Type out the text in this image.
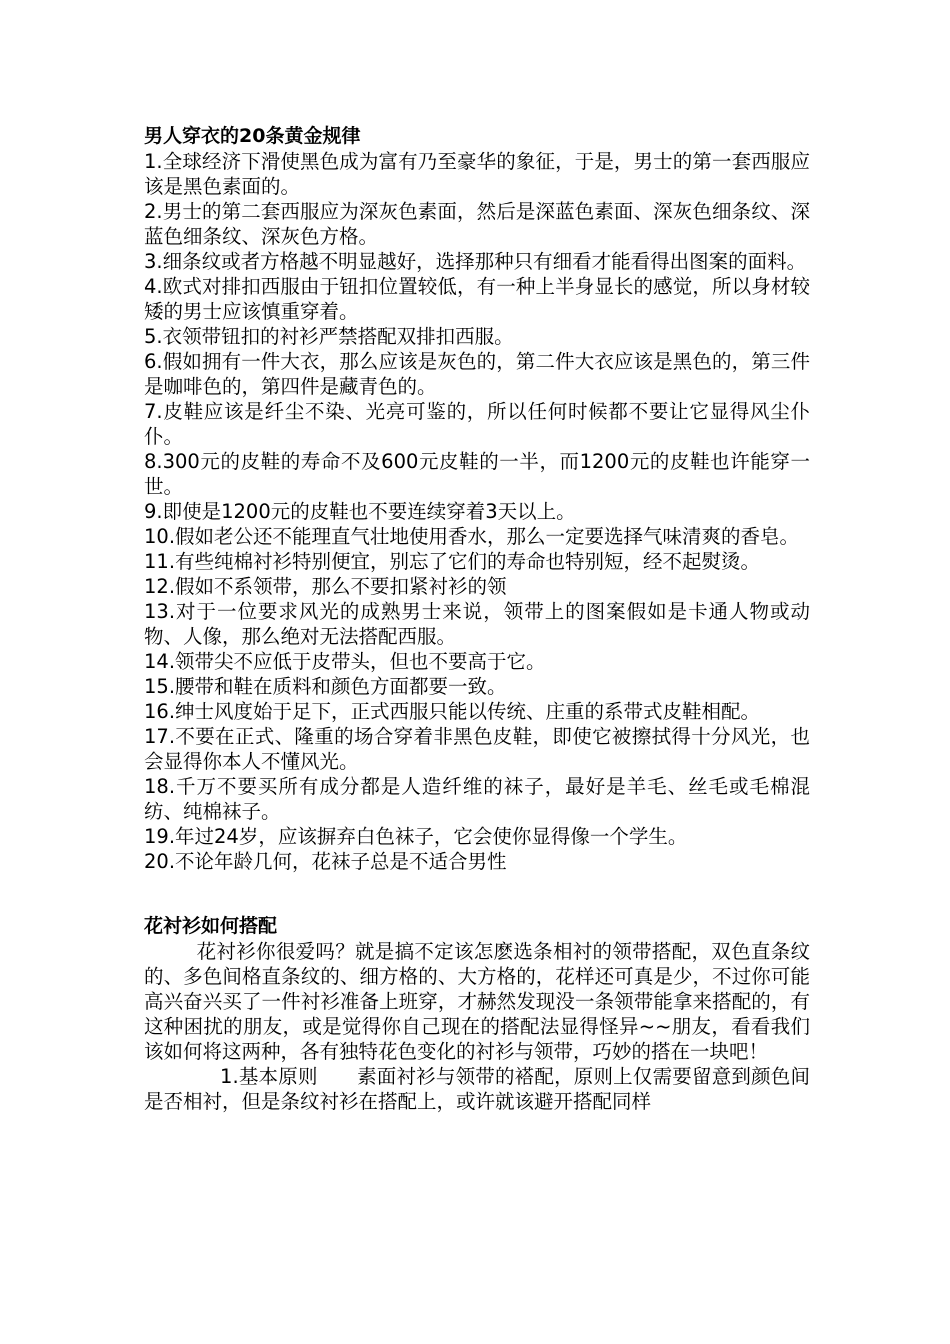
男人穿衣的20条黄金规律

1.全球经济下滑使黑色成为富有乃至豪华的象征，于是，男士的第一套西服应该是黑色素面的。

2.男士的第二套西服应为深灰色素面，然后是深蓝色素面、深灰色细条纹、深蓝色细条纹、深灰色方格。

3.细条纹或者方格越不明显越好，选择那种只有细看才能看得出图案的面料。

4.欧式对排扣西服由于钮扣位置较低，有一种上半身显长的感觉，所以身材较矮的男士应该慎重穿着。

5.衣领带钮扣的衬衫严禁搭配双排扣西服。

6.假如拥有一件大衣，那么应该是灰色的，第二件大衣应该是黑色的，第三件是咖啡色的，第四件是藏青色的。

7.皮鞋应该是纤尘不染、光亮可鉴的，所以任何时候都不要让它显得风尘仆仆。

8.300元的皮鞋的寿命不及600元皮鞋的一半，而1200元的皮鞋也许能穿一世。

9.即使是1200元的皮鞋也不要连续穿着3天以上。

10.假如老公还不能理直气壮地使用香水，那么一定要选择气味清爽的香皂。

11.有些纯棉衬衫特别便宜，别忘了它们的寿命也特别短，经不起熨烫。

12.假如不系领带，那么不要扣紧衬衫的领

13.对于一位要求风光的成熟男士来说，领带上的图案假如是卡通人物或动物、人像，那么绝对无法搭配西服。

14.领带尖不应低于皮带头，但也不要高于它。

15.腰带和鞋在质料和颜色方面都要一致。

16.绅士风度始于足下，正式西服只能以传统、庄重的系带式皮鞋相配。

17.不要在正式、隆重的场合穿着非黑色皮鞋，即使它被擦拭得十分风光，也会显得你本人不懂风光。

18.千万不要买所有成分都是人造纤维的袜子，最好是羊毛、丝毛或毛棉混纺、纯棉袜子。

19.年过24岁，应该摒弃白色袜子，它会使你显得像一个学生。

20.不论年龄几何，花袜子总是不适合男性

花衬衫如何搭配

花衬衫你很爱吗？就是搞不定该怎麽选条相衬的领带搭配，双色直条纹的、多色间格直条纹的、细方格的、大方格的，花样还可真是少，不过你可能高兴奋兴买了一件衬衫准备上班穿，才赫然发现没一条领带能拿来搭配的，有这种困扰的朋友，或是觉得你自己现在的搭配法显得怪异~~朋友，看看我们该如何将这两种，各有独特花色变化的衬衫与领带，巧妙的搭在一块吧！

1.基本原则　　素面衬衫与领带的褡配，原则上仅需要留意到颜色间是否相衬，但是条纹衬衫在搭配上，或许就该避开搭配同样
